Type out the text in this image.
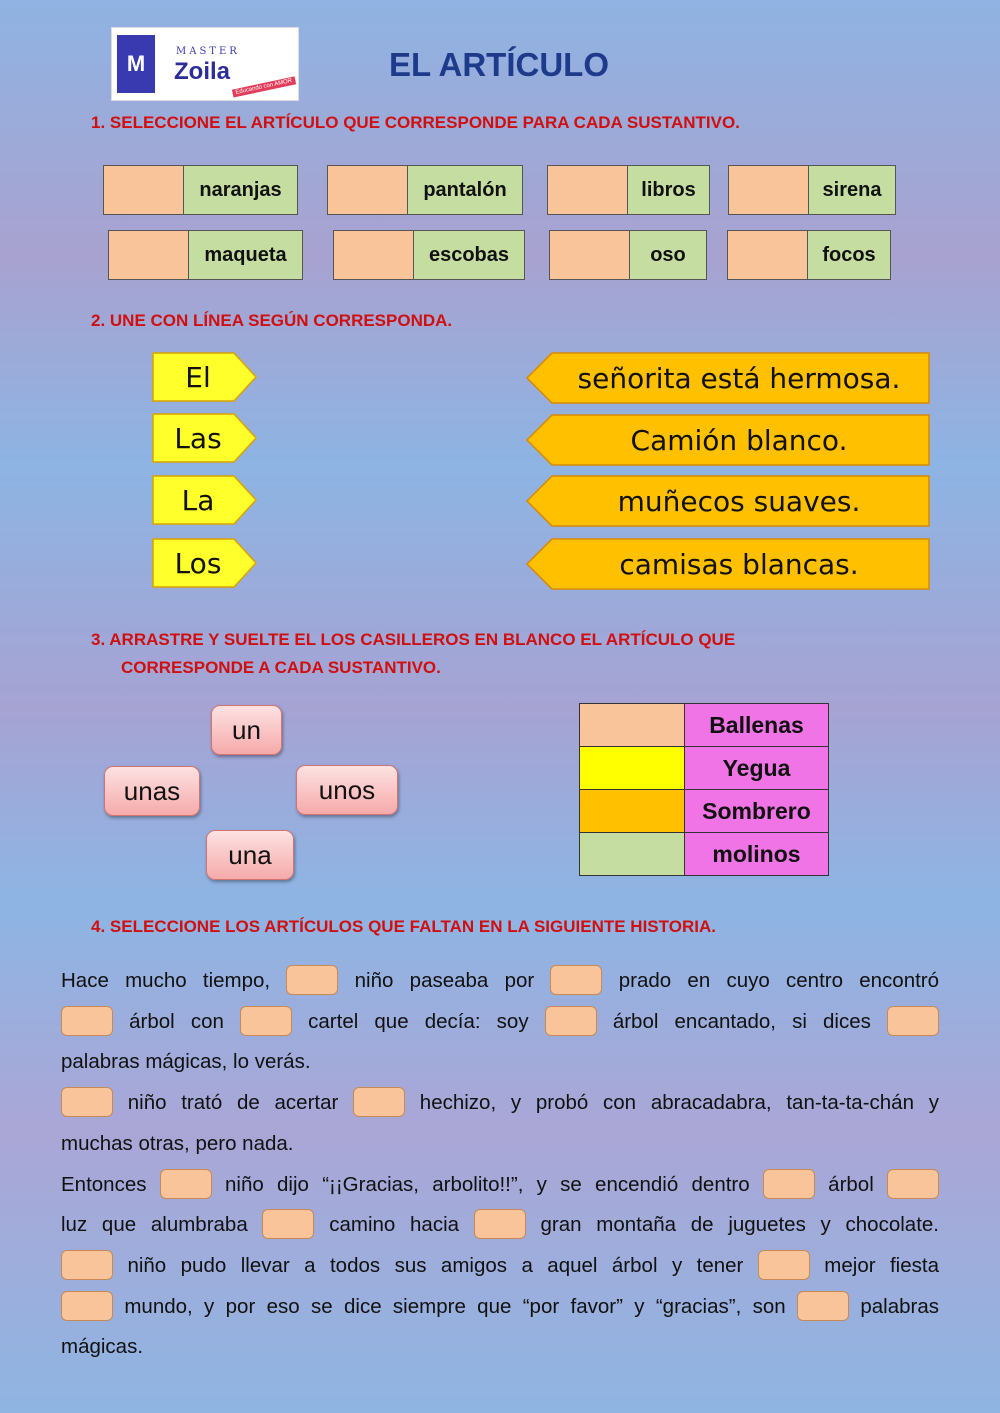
M	MASTER
Zoila
Educando con AMOR
EL ARTÍCULO
1. SELECCIONE EL ARTÍCULO QUE CORRESPONDE PARA CADA SUSTANTIVO.
naranjas	pantalón	libros	sirena
maqueta	escobas	oso	focos
2. UNE CON LÍNEA SEGÚN CORRESPONDA.
El
Las
La
Los
señorita está hermosa.
Camión blanco.
muñecos suaves.
camisas blancas.
3. ARRASTRE Y SUELTE EL LOS CASILLEROS EN BLANCO EL ARTÍCULO QUE
CORRESPONDE A CADA SUSTANTIVO.
un
unas	unos
una
	Ballenas
	Yegua
	Sombrero
	molinos
4. SELECCIONE LOS ARTÍCULOS QUE FALTAN EN LA SIGUIENTE HISTORIA.

Hace mucho tiempo,	niño paseaba por	prado en cuyo centro encontró

árbol con	cartel que decía: soy	árbol encantado, si dices

palabras mágicas, lo verás.

niño trató de acertar	hechizo, y probó con abracadabra, tan-ta-ta-chán y

muchas otras, pero nada.

Entonces	niño dijo “¡¡Gracias, arbolito!!”, y se encendió dentro	árbol

luz que alumbraba	camino hacia	gran montaña de juguetes y chocolate.

niño pudo llevar a todos sus amigos a aquel árbol y tener	mejor fiesta

mundo, y por eso se dice siempre que “por favor” y “gracias”, son	palabras

mágicas.
